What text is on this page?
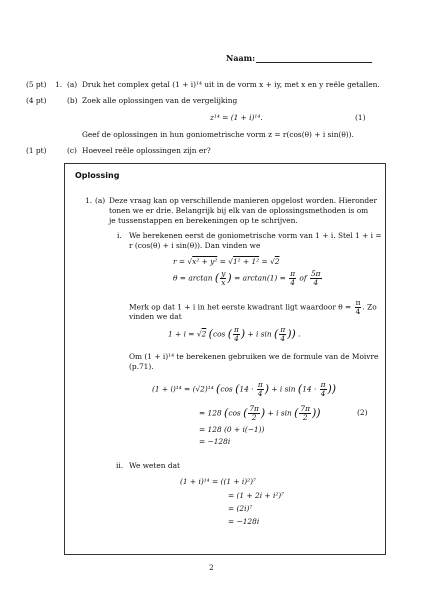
Naam:
(5 pt) 1. (a) Druk het complex getal (1 + i)¹⁴ uit in de vorm x + iy, met x en y reële getallen.
(4 pt)	(b) Zoek alle oplossingen van de vergelijking
z¹⁴ = (1 + i)¹⁴.	(1)
Geef de oplossingen in hun goniometrische vorm z = r(cos(θ) + i sin(θ)).
(1 pt)	(c) Hoeveel reële oplossingen zijn er?
Oplossing
1. (a) Deze vraag kan op verschillende manieren opgelost worden. Hieronder
tonen we er drie. Belangrijk bij elk van de oplossingsmethoden is om
je tussenstappen en berekeningen op te schrijven.
i. We berekenen eerst de goniometrische vorm van 1 + i. Stel 1 + i =
r (cos(θ) + i sin(θ)). Dan vinden we
r = √x² + y² = √1² + 1² = √2
θ = arctan ( $\frac{y}{x}$ ) = $\arctan(1) = \frac{\pi}{4}$ of $\frac{5\pi}{4}$
Merk op dat 1 + i in het eerste kwadrant ligt waardoor $\theta = \frac{\pi}{4}$ . Zo
vinden we dat
1 + i = √2 (cos ( $\frac{\pi}{4}$ ) + i sin ( $\frac{\pi}{4}$ )) .
Om (1 + i)¹⁴ te berekenen gebruiken we de formule van de Moivre
(p.71).
(1 + i)¹⁴ = (√2)¹⁴ (cos ($14 \cdot \frac{\pi}{4}$ ) + i $\sin (14 \cdot \frac{\pi}{4}$ ))
= 128 (cos ( $\frac{7\pi}{2}$ ) + i sin ( $\frac{7\pi}{2}$ ))	(2)
= 128 (0 + i(−1))
= −128i
ii. We weten dat
(1 + i)¹⁴ = ((1 + i)²)⁷
= (1 + 2i + i²)⁷
= (2i)⁷
= −128i
2
